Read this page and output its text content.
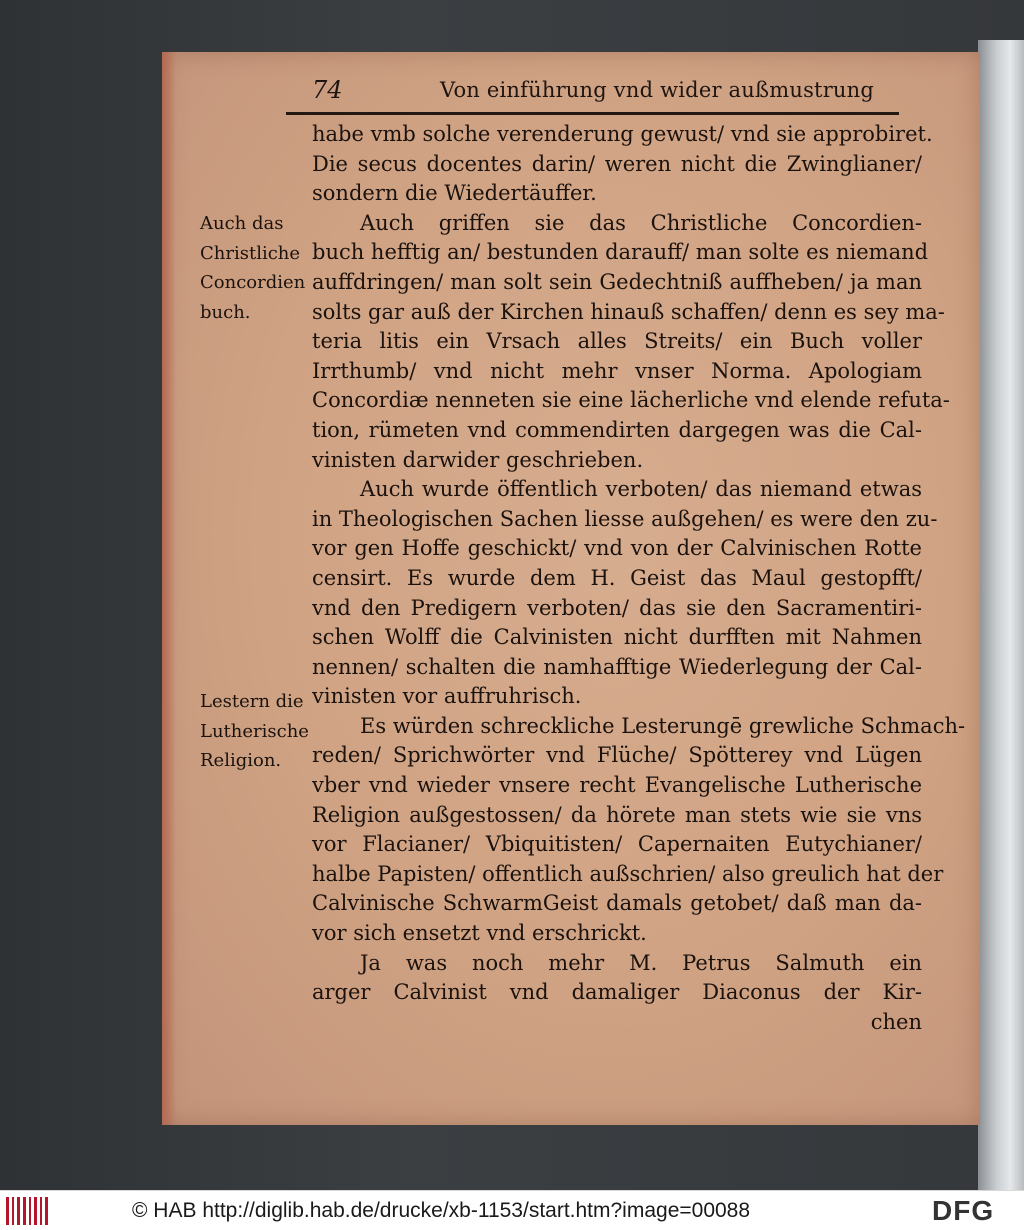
74	Von einführung vnd wider außmustrung
Auch das
Christliche
Concordien
buch.
Lestern die
Lutherische
Religion.
habe vmb solche verenderung gewust/ vnd sie approbiret.
Die secus docentes darin/ weren nicht die Zwinglianer/
sondern die Wiedertäuffer.
Auch griffen sie das Christliche Concordien-
buch hefftig an/ bestunden darauff/ man solte es niemand
auffdringen/ man solt sein Gedechtniß auffheben/ ja man
solts gar auß der Kirchen hinauß schaffen/ denn es sey ma-
teria litis ein Vrsach alles Streits/ ein Buch voller
Irrthumb/ vnd nicht mehr vnser Norma. Apologiam
Concordiæ nenneten sie eine lächerliche vnd elende refuta-
tion, rümeten vnd commendirten dargegen was die Cal-
vinisten darwider geschrieben.
Auch wurde öffentlich verboten/ das niemand etwas
in Theologischen Sachen liesse außgehen/ es were den zu-
vor gen Hoffe geschickt/ vnd von der Calvinischen Rotte
censirt. Es wurde dem H. Geist das Maul gestopfft/
vnd den Predigern verboten/ das sie den Sacramentiri-
schen Wolff die Calvinisten nicht durfften mit Nahmen
nennen/ schalten die namhafftige Wiederlegung der Cal-
vinisten vor auffruhrisch.
Es würden schreckliche Lesterungē grewliche Schmach-
reden/ Sprichwörter vnd Flüche/ Spötterey vnd Lügen
vber vnd wieder vnsere recht Evangelische Lutherische
Religion außgestossen/ da hörete man stets wie sie vns
vor Flacianer/ Vbiquitisten/ Capernaiten Eutychianer/
halbe Papisten/ offentlich außschrien/ also greulich hat der
Calvinische SchwarmGeist damals getobet/ daß man da-
vor sich ensetzt vnd erschrickt.
Ja was noch mehr M. Petrus Salmuth ein
arger Calvinist vnd damaliger Diaconus der Kir-
chen
© HAB http://diglib.hab.de/drucke/xb-1153/start.htm?image=00088	DFG
